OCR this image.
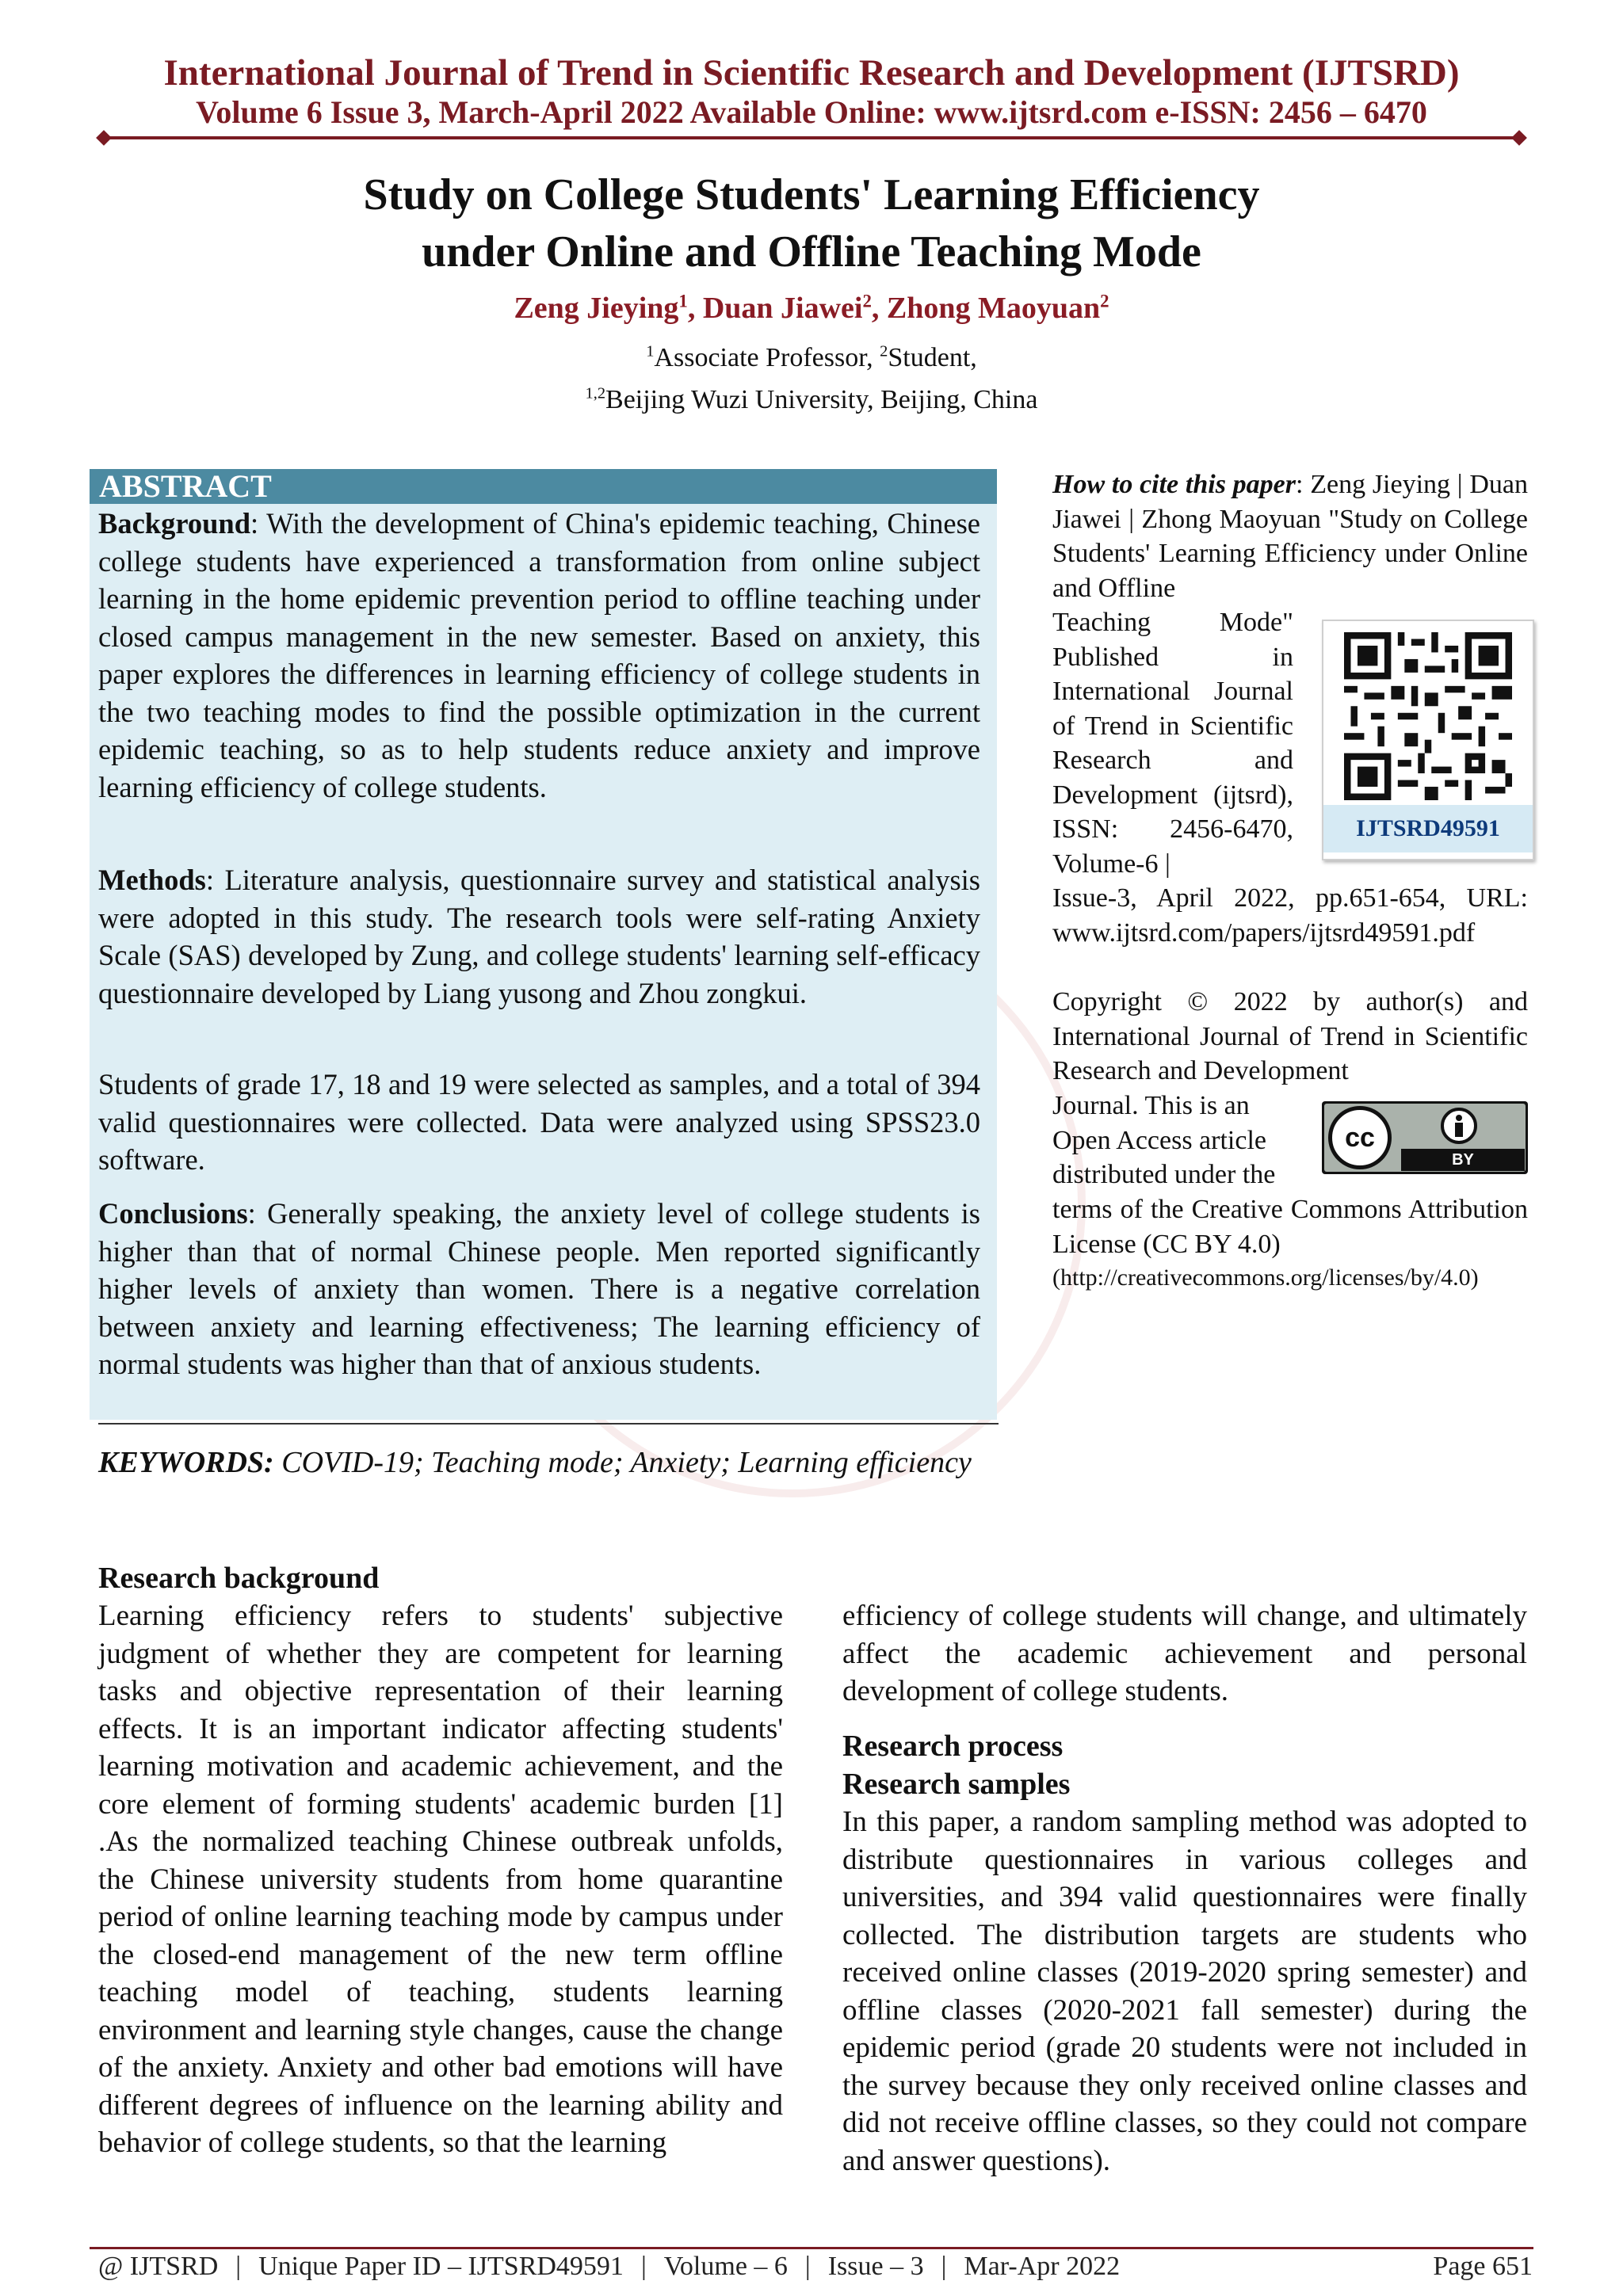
International Journal of Trend in Scientific Research and Development (IJTSRD)
Volume 6 Issue 3, March-April 2022 Available Online: www.ijtsrd.com e-ISSN: 2456 – 6470
Study on College Students' Learning Efficiency
under Online and Offline Teaching Mode
Zeng Jieying$^1$, Duan Jiawei$^2$, Zhong Maoyuan$^2$
$^1$Associate Professor, $^2$Student,
$^{1,2}$Beijing Wuzi University, Beijing, China
ABSTRACT
Background: With the development of China's epidemic teaching, Chinese college students have experienced a transformation from online subject learning in the home epidemic prevention period to offline teaching under closed campus management in the new semester. Based on anxiety, this paper explores the differences in learning efficiency of college students in the two teaching modes to find the possible optimization in the current epidemic teaching, so as to help students reduce anxiety and improve learning efficiency of college students.
Methods: Literature analysis, questionnaire survey and statistical analysis were adopted in this study. The research tools were self-rating Anxiety Scale (SAS) developed by Zung, and college students' learning self-efficacy questionnaire developed by Liang yusong and Zhou zongkui.
Students of grade 17, 18 and 19 were selected as samples, and a total of 394 valid questionnaires were collected. Data were analyzed using SPSS23.0 software.
Conclusions: Generally speaking, the anxiety level of college students is higher than that of normal Chinese people. Men reported significantly higher levels of anxiety than women. There is a negative correlation between anxiety and learning effectiveness; The learning efficiency of normal students was higher than that of anxious students.
KEYWORDS: COVID-19; Teaching mode; Anxiety; Learning efficiency
How to cite this paper: Zeng Jieying | Duan Jiawei | Zhong Maoyuan "Study on College Students' Learning Efficiency under Online and Offline
Teaching Mode" Published in International Journal of Trend in Scientific Research and Development (ijtsrd), ISSN: 2456-6470, Volume-6 |
Issue-3, April 2022, pp.651-654, URL: www.ijtsrd.com/papers/ijtsrd49591.pdf
IJTSRD49591
Copyright © 2022 by author(s) and International Journal of Trend in Scientific Research and Development
Journal. This is an Open Access article distributed under the
terms of the Creative Commons Attribution License (CC BY 4.0)
(http://creativecommons.org/licenses/by/4.0)
cc
BY
Research background
Learning efficiency refers to students' subjective judgment of whether they are competent for learning tasks and objective representation of their learning effects. It is an important indicator affecting students' learning motivation and academic achievement, and the core element of forming students' academic burden [1] .As the normalized teaching Chinese outbreak unfolds, the Chinese university students from home quarantine period of online learning teaching mode by campus under the closed-end management of the new term offline teaching model of teaching, students learning environment and learning style changes, cause the change of the anxiety. Anxiety and other bad emotions will have different degrees of influence on the learning ability and behavior of college students, so that the learning
efficiency of college students will change, and ultimately affect the academic achievement and personal development of college students.
Research process
Research samples
In this paper, a random sampling method was adopted to distribute questionnaires in various colleges and universities, and 394 valid questionnaires were finally collected. The distribution targets are students who received online classes (2019-2020 spring semester) and offline classes (2020-2021 fall semester) during the epidemic period (grade 20 students were not included in the survey because they only received online classes and did not receive offline classes, so they could not compare and answer questions).
@ IJTSRD | Unique Paper ID – IJTSRD49591 | Volume – 6 | Issue – 3 | Mar-Apr 2022	Page 651
